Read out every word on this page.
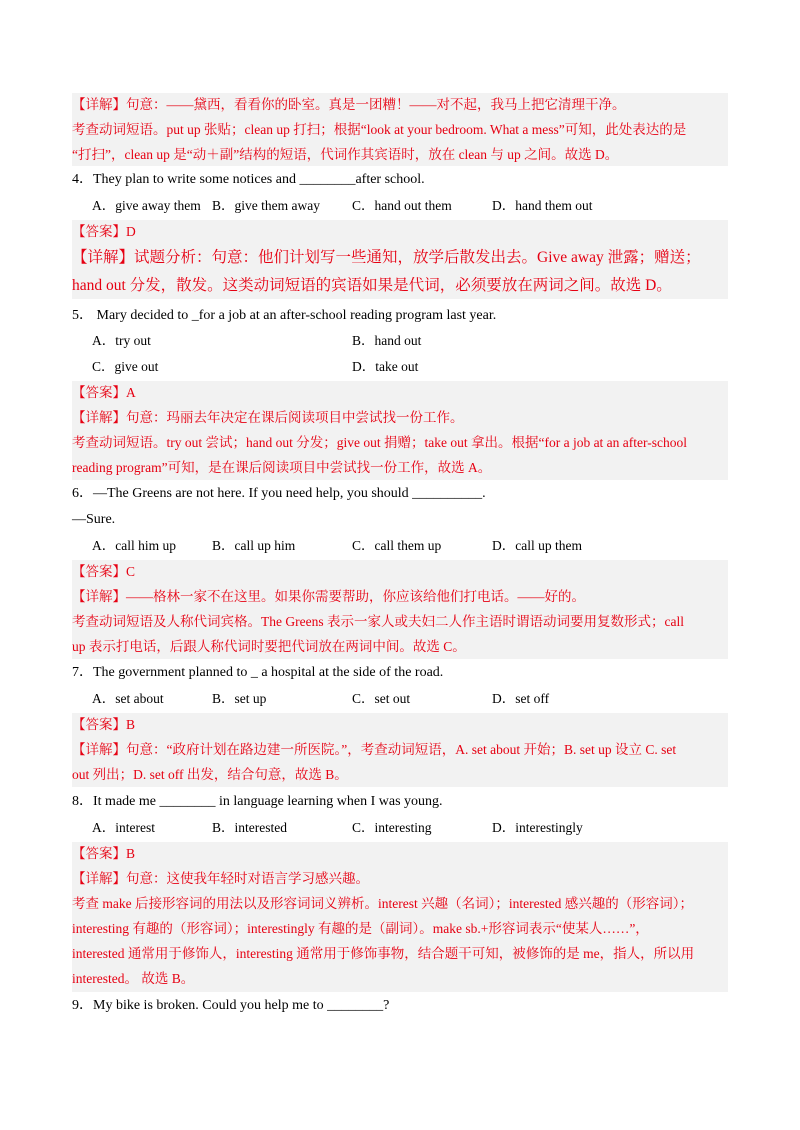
【详解】句意：——黛西，看看你的卧室。真是一团糟！——对不起，我马上把它清理干净。
考查动词短语。put up 张贴；clean up 打扫；根据“look at your bedroom. What a mess”可知，此处表达的是
“打扫”，clean up 是“动＋副”结构的短语，代词作其宾语时，放在 clean 与 up 之间。故选 D。
4．They plan to write some notices and ________after school.
A．give away them B．give them away C．hand out them	D．hand them out
【答案】D
【详解】试题分析：句意：他们计划写一些通知，放学后散发出去。Give away 泄露；赠送；
hand out 分发，散发。这类动词短语的宾语如果是代词，必须要放在两词之间。故选 D。
5． Mary decided to _for a job at an after-school reading program last year.
A．try out	B．hand out
C．give out	D．take out
【答案】A
【详解】句意：玛丽去年决定在课后阅读项目中尝试找一份工作。
考查动词短语。try out 尝试；hand out 分发；give out 捐赠；take out 拿出。根据“for a job at an after-school
reading program”可知，是在课后阅读项目中尝试找一份工作，故选 A。
6．—The Greens are not here. If you need help, you should __________.
—Sure.
A．call him up	B．call up him	C．call them up	D．call up them
【答案】C
【详解】——格林一家不在这里。如果你需要帮助，你应该给他们打电话。——好的。
考查动词短语及人称代词宾格。The Greens 表示一家人或夫妇二人作主语时谓语动词要用复数形式；call
up 表示打电话，后跟人称代词时要把代词放在两词中间。故选 C。
7．The government planned to _ a hospital at the side of the road.
A．set about	B．set up	C．set out	D．set off
【答案】B
【详解】句意：“政府计划在路边建一所医院。”，考查动词短语，A. set about 开始；B. set up 设立 C. set
out 列出；D. set off 出发，结合句意，故选 B。
8．It made me ________ in language learning when I was young.
A．interest	B．interested	C．interesting	D．interestingly
【答案】B
【详解】句意：这使我年轻时对语言学习感兴趣。
考查 make 后接形容词的用法以及形容词词义辨析。interest 兴趣（名词）；interested 感兴趣的（形容词）；
interesting 有趣的（形容词）；interestingly 有趣的是（副词）。make sb.+形容词表示“使某人……”，
interested 通常用于修饰人，interesting 通常用于修饰事物，结合题干可知，被修饰的是 me，指人，所以用
interested。 故选 B。
9．My bike is broken. Could you help me to ________?
